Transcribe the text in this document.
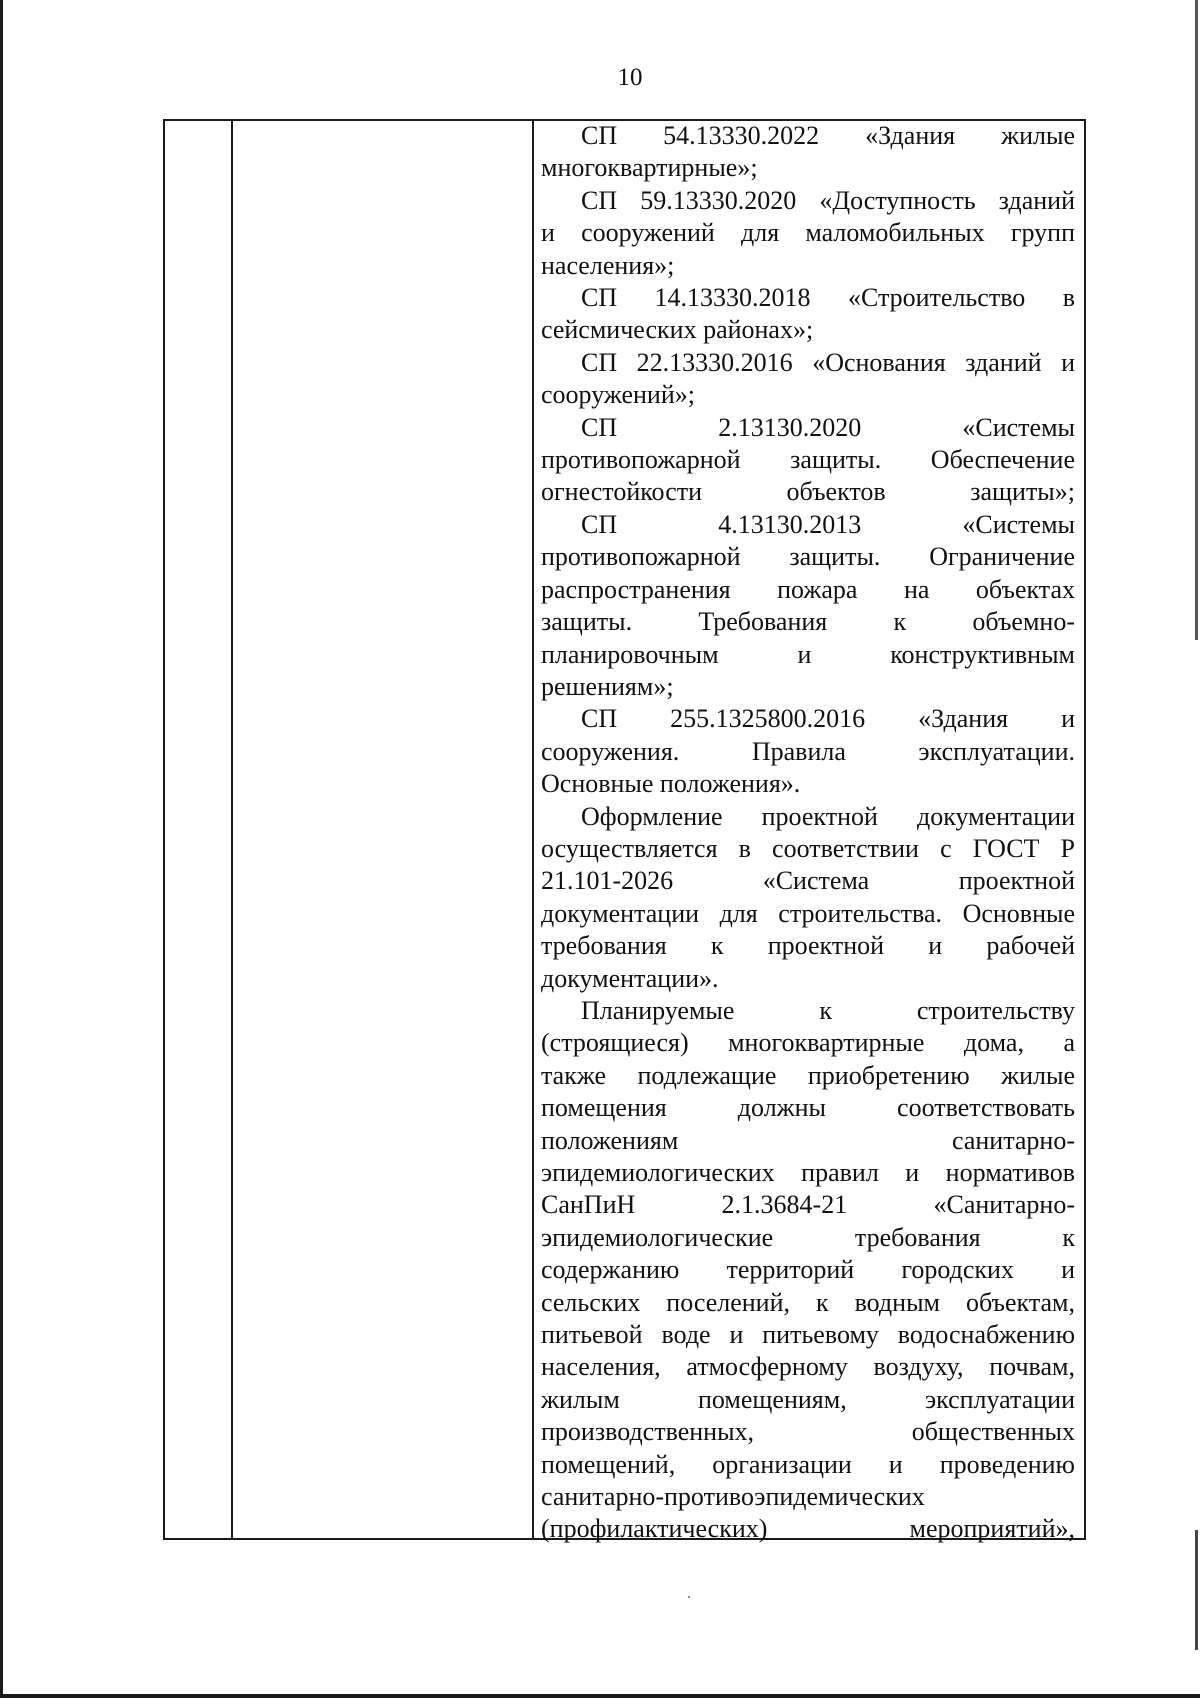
10

СП 54.13330.2022 «Здания жилые
многоквартирные»;

СП 59.13330.2020 «Доступность зданий
и сооружений для маломобильных групп
населения»;

СП 14.13330.2018 «Строительство в
сейсмических районах»;

СП 22.13330.2016 «Основания зданий и
сооружений»;

СП 2.13130.2020 «Системы
противопожарной защиты. Обеспечение
огнестойкости объектов защиты»;

СП 4.13130.2013 «Системы
противопожарной защиты. Ограничение
распространения пожара на объектах
защиты. Требования к объемно-
планировочным и конструктивным
решениям»;

СП 255.1325800.2016 «Здания и
сооружения. Правила эксплуатации.
Основные положения».

Оформление проектной документации
осуществляется в соответствии с ГОСТ Р
21.101-2026 «Система проектной
документации для строительства. Основные
требования к проектной и рабочей
документации».

Планируемые к строительству
(строящиеся) многоквартирные дома, а
также подлежащие приобретению жилые
помещения должны соответствовать
положениям санитарно-
эпидемиологических правил и нормативов
СанПиН 2.1.3684-21 «Санитарно-
эпидемиологические требования к
содержанию территорий городских и
сельских поселений, к водным объектам,
питьевой воде и питьевому водоснабжению
населения, атмосферному воздуху, почвам,
жилым помещениям, эксплуатации
производственных, общественных
помещений, организации и проведению
санитарно-противоэпидемических
(профилактических) мероприятий»,
